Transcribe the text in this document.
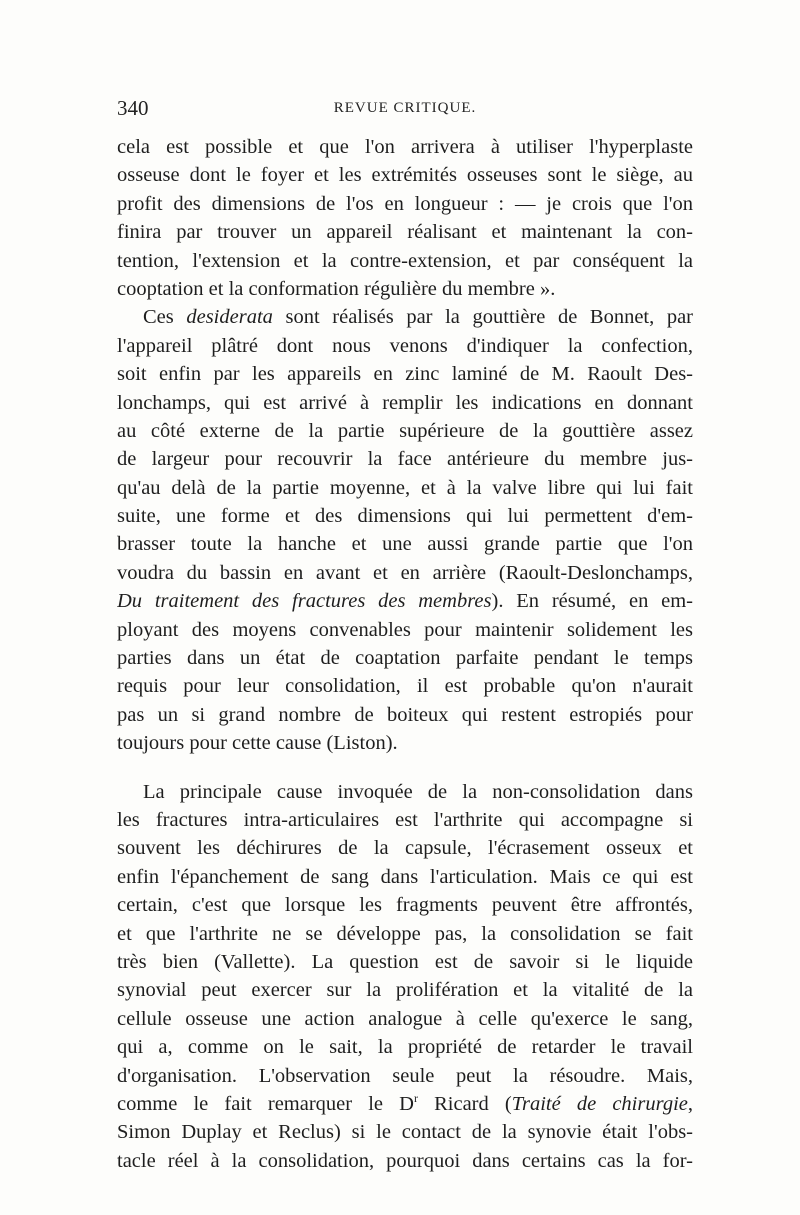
340	REVUE CRITIQUE.
cela est possible et que l'on arrivera à utiliser l'hyperplaste
osseuse dont le foyer et les extrémités osseuses sont le siège, au
profit des dimensions de l'os en longueur : — je crois que l'on
finira par trouver un appareil réalisant et maintenant la con-
tention, l'extension et la contre-extension, et par conséquent la
cooptation et la conformation régulière du membre ».
Ces desiderata sont réalisés par la gouttière de Bonnet, par
l'appareil plâtré dont nous venons d'indiquer la confection,
soit enfin par les appareils en zinc laminé de M. Raoult Des-
lonchamps, qui est arrivé à remplir les indications en donnant
au côté externe de la partie supérieure de la gouttière assez
de largeur pour recouvrir la face antérieure du membre jus-
qu'au delà de la partie moyenne, et à la valve libre qui lui fait
suite, une forme et des dimensions qui lui permettent d'em-
brasser toute la hanche et une aussi grande partie que l'on
voudra du bassin en avant et en arrière (Raoult-Deslonchamps,
Du traitement des fractures des membres). En résumé, en em-
ployant des moyens convenables pour maintenir solidement les
parties dans un état de coaptation parfaite pendant le temps
requis pour leur consolidation, il est probable qu'on n'aurait
pas un si grand nombre de boiteux qui restent estropiés pour
toujours pour cette cause (Liston).
La principale cause invoquée de la non-consolidation dans
les fractures intra-articulaires est l'arthrite qui accompagne si
souvent les déchirures de la capsule, l'écrasement osseux et
enfin l'épanchement de sang dans l'articulation. Mais ce qui est
certain, c'est que lorsque les fragments peuvent être affrontés,
et que l'arthrite ne se développe pas, la consolidation se fait
très bien (Vallette). La question est de savoir si le liquide
synovial peut exercer sur la prolifération et la vitalité de la
cellule osseuse une action analogue à celle qu'exerce le sang,
qui a, comme on le sait, la propriété de retarder le travail
d'organisation. L'observation seule peut la résoudre. Mais,
comme le fait remarquer le $D^r$ Ricard (Traité de chirurgie,
Simon Duplay et Reclus) si le contact de la synovie était l'obs-
tacle réel à la consolidation, pourquoi dans certains cas la for-
